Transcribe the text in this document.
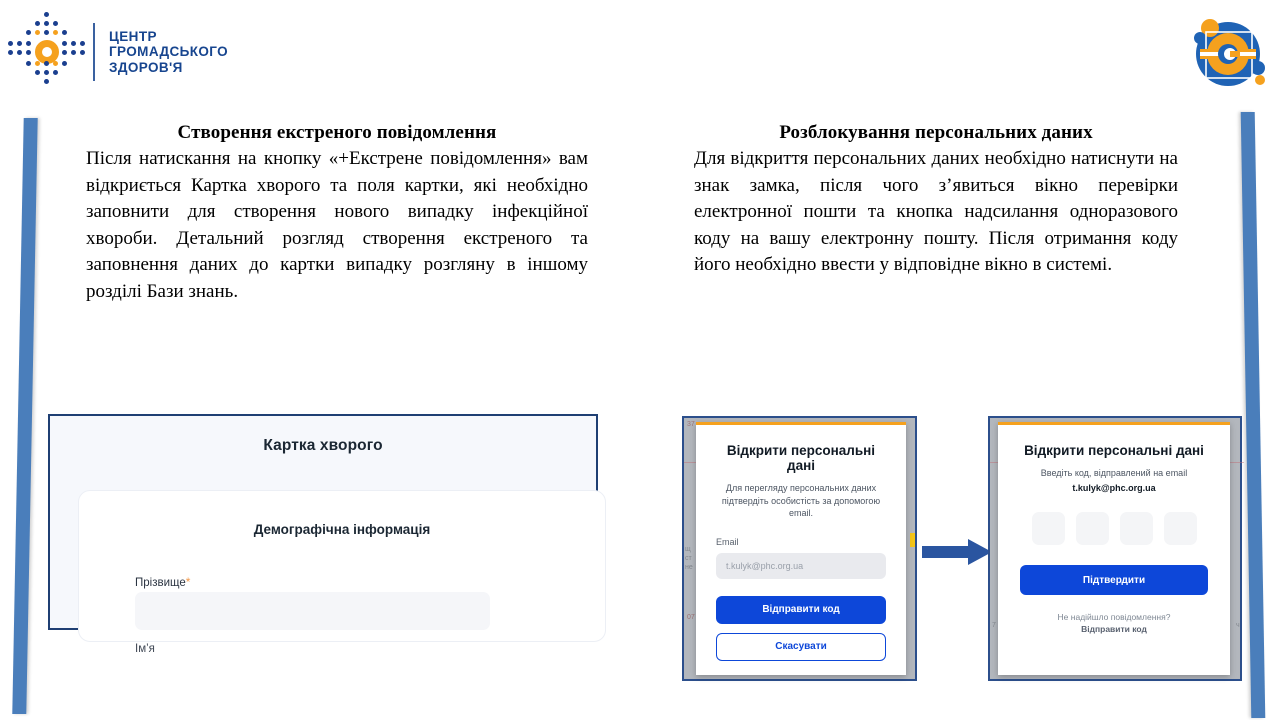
ЦЕНТР
ГРОМАДСЬКОГО
ЗДОРОВ'Я
Створення екстреного повідомлення

Після натискання на кнопку «+Екстрене повідомлення» вам відкриється Картка хворого та поля картки, які необхідно заповнити для створення нового випадку інфекційної хвороби. Детальний розгляд створення екстреного та заповнення даних до картки випадку розгляну в іншому розділі Бази знань.

Розблокування персональних даних

Для відкриття персональних даних необхідно натиснути на знак замка, після чого з’явиться вікно перевірки електронної пошти та кнопка надсилання одноразового коду на вашу електронну пошту. Після отримання коду його необхідно ввести у відповідне вікно в системі.

Картка хворого
Демографічна інформація
Прізвище*
Ім’я
37
щ
ст
не
07
Відкрити персональні дані
Для перегляду персональних даних підтвердіть особистість за допомогою email.
Email
t.kulyk@phc.org.ua
Відправити код
Скасувати
7	ч
Відкрити персональні дані
Введіть код, відправлений на email
t.kulyk@phc.org.ua
Підтвердити
Не надійшло повідомлення?
Відправити код
